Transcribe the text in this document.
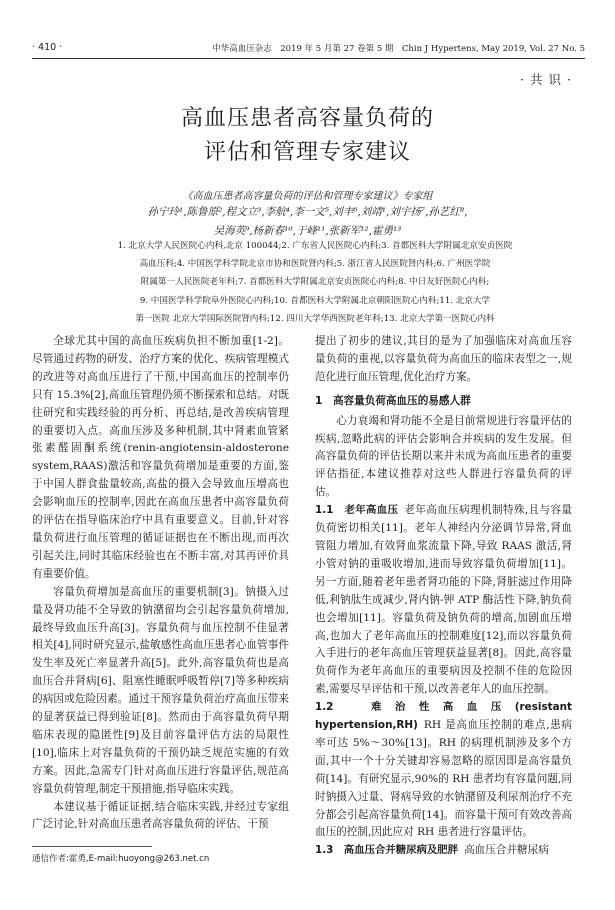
· 410 ·	中华高血压杂志　2019 年 5 月第 27 卷第 5 期　Chin J Hypertens, May 2019, Vol. 27 No. 5
·共识·
高血压患者高容量负荷的
评估和管理专家建议
《高血压患者高容量负荷的评估和管理专家建议》专家组
孙宁玲¹,陈鲁原²,程文立³,李航⁴,李一文⁵,刘丰⁶,刘靖¹,刘宇扬⁷,孙艺红⁸,
吴海英⁹,杨新春¹⁰,于峰¹¹,张新军¹²,霍勇¹³
1. 北京大学人民医院心内科,北京 100044;2. 广东省人民医院心内科;3. 首都医科大学附属北京安贞医院
高血压科;4. 中国医学科学院北京市协和医院肾内科;5. 浙江省人民医院肾内科;6. 广州医学院
附属第一人民医院老年科;7. 首都医科大学附属北京安贞医院心内科;8. 中日友好医院心内科;
9. 中国医学科学院阜外医院心内科;10. 首都医科大学附属北京朝阳医院心内科;11. 北京大学
第一医院 北京大学国际医院肾内科;12. 四川大学华西医院老年科;13. 北京大学第一医院心内科

全球尤其中国的高血压疾病负担不断加重[1-2]。尽管通过药物的研发、治疗方案的优化、疾病管理模式的改进等对高血压进行了干预,中国高血压的控制率仍只有 15.3%[2],高血压管理仍须不断探索和总结。对既往研究和实践经验的再分析、再总结,是改善疾病管理的重要切入点。高血压涉及多种机制,其中肾素血管紧张素醛固酮系统(renin-angiotensin-aldosterone system,RAAS)激活和容量负荷增加是重要的方面,鉴于中国人群食盐量较高,高盐的摄入会导致血压增高也会影响血压的控制率,因此在高血压患者中高容量负荷的评估在指导临床治疗中具有重要意义。目前,针对容量负荷进行血压管理的循证证据也在不断出现,而再次引起关注,同时其临床经验也在不断丰富,对其再评价具有重要价值。

容量负荷增加是高血压的重要机制[3]。钠摄入过量及肾功能不全导致的钠潴留均会引起容量负荷增加,最终导致血压升高[3]。容量负荷与血压控制不佳显著相关[4],同时研究显示,盐敏感性高血压患者心血管事件发生率及死亡率显著升高[5]。此外,高容量负荷也是高血压合并肾病[6]、阻塞性睡眠呼吸暂停[7]等多种疾病的病因或危险因素。通过干预容量负荷治疗高血压带来的显著获益已得到验证[8]。然而由于高容量负荷早期临床表现的隐匿性[9]及目前容量评估方法的局限性[10],临床上对容量负荷的干预仍缺乏规范实施的有效方案。因此,急需专门针对高血压进行容量评估,规范高容量负荷管理,制定干预措施,指导临床实践。

本建议基于循证证据,结合临床实践,并经过专家组广泛讨论,针对高血压患者高容量负荷的评估、干预

提出了初步的建议,其目的是为了加强临床对高血压容量负荷的重视,以容量负荷为高血压的临床表型之一,规范化进行血压管理,优化治疗方案。

1　高容量负荷高血压的易感人群

心力衰竭和肾功能不全是目前常规进行容量评估的疾病,忽略此病的评估会影响合并疾病的发生发展。但高容量负荷的评估长期以来并未成为高血压患者的重要评估指征,本建议推荐对这些人群进行容量负荷的评估。

1.1　老年高血压 老年高血压病理机制特殊,且与容量负荷密切相关[11]。老年人神经内分泌调节异常,肾血管阻力增加,有效肾血浆流量下降,导致 RAAS 激活,肾小管对钠的重吸收增加,进而导致容量负荷增加[11]。另一方面,随着老年患者肾功能的下降,肾脏滤过作用降低,利钠肽生成减少,肾内钠-钾 ATP 酶活性下降,钠负荷也会增加[11]。容量负荷及钠负荷的增高,加剧血压增高,也加大了老年高血压的控制难度[12],而以容量负荷入手进行的老年高血压管理获益显著[8]。因此,高容量负荷作为老年高血压的重要病因及控制不佳的危险因素,需要尽早评估和干预,以改善老年人的血压控制。

1.2　难治性高血压(resistant hypertension,RH) RH 是高血压控制的难点,患病率可达 5%～30%[13]。RH 的病理机制涉及多个方面,其中一个十分关键却容易忽略的原因即是高容量负荷[14]。有研究显示,90%的 RH 患者均有容量问题,同时钠摄入过量、肾病导致的水钠潴留及利尿剂治疗不充分都会引起高容量负荷[14]。而容量干预可有效改善高血压的控制,因此应对 RH 患者进行容量评估。

1.3　高血压合并糖尿病及肥胖 高血压合并糖尿病

通信作者:霍勇,E-mail:huoyong@263.net.cn
